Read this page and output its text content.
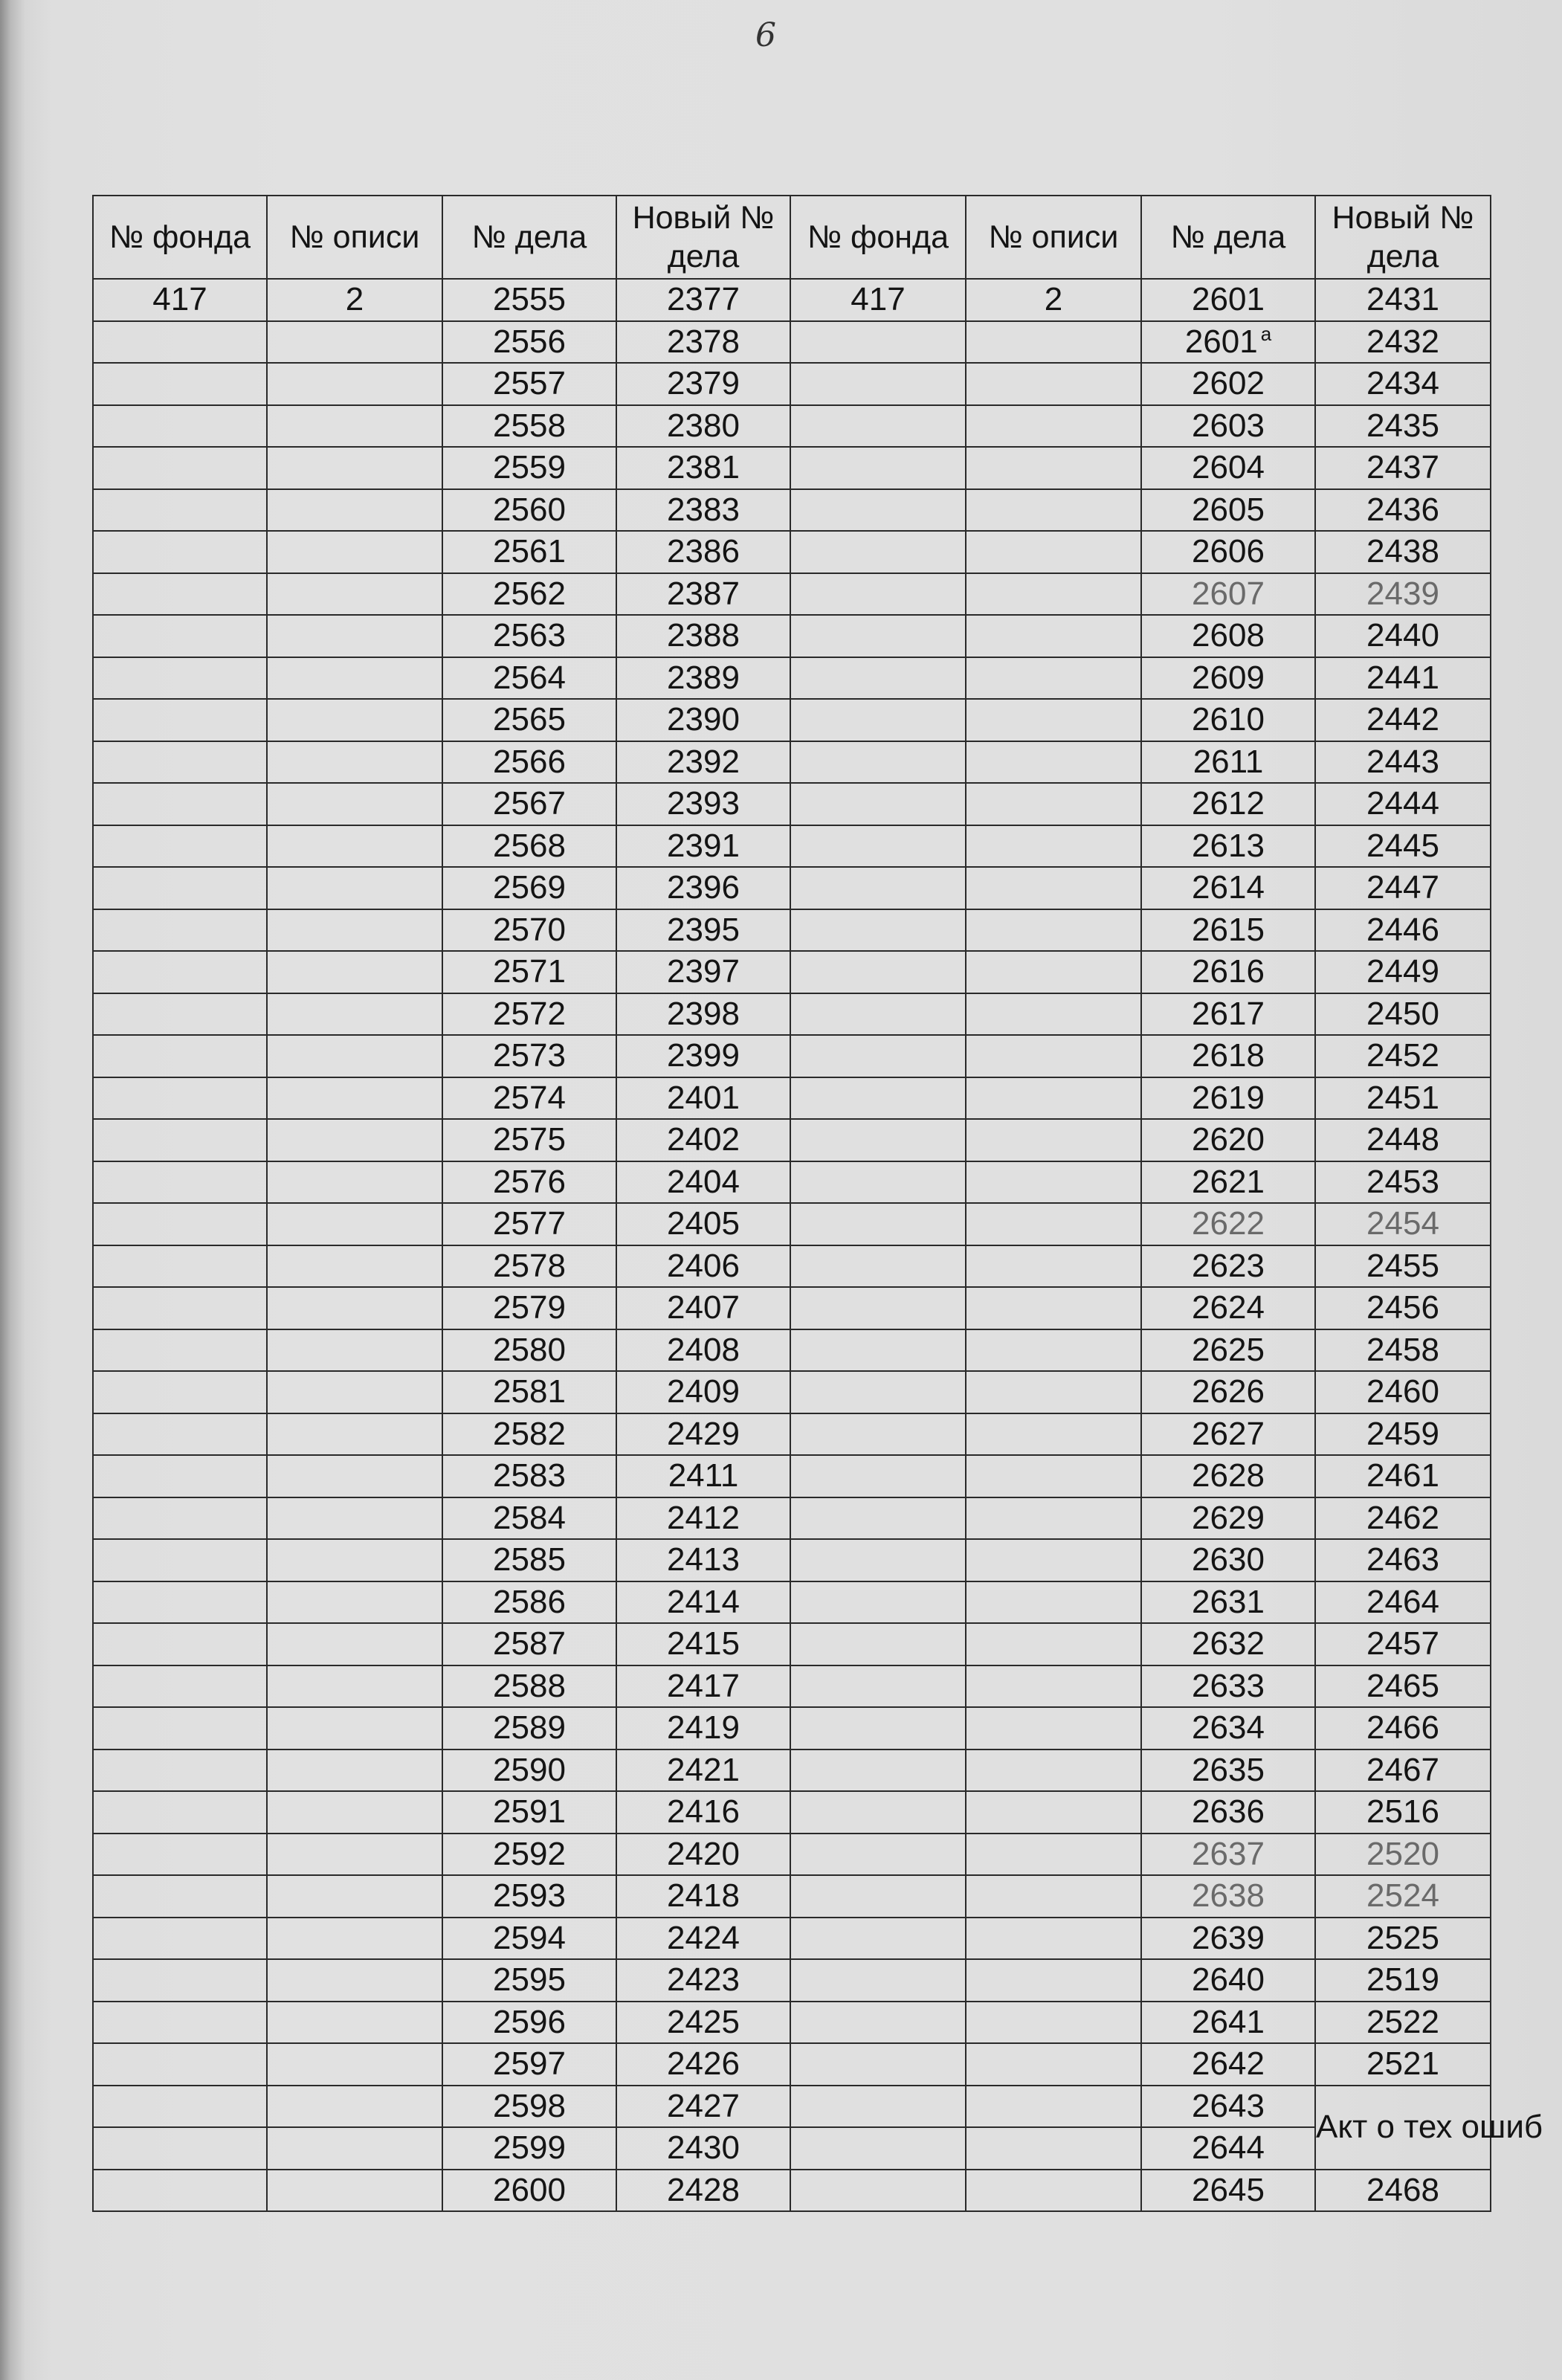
6
№ фонда	№ описи	№ дела	Новый № дела	№ фонда	№ описи	№ дела	Новый № дела
417	2	2555	2377	417	2	2601	2431
		2556	2378			2601 $^а$	2432
		2557	2379			2602	2434
		2558	2380			2603	2435
		2559	2381			2604	2437
		2560	2383			2605	2436
		2561	2386			2606	2438
		2562	2387			2607	2439
		2563	2388			2608	2440
		2564	2389			2609	2441
		2565	2390			2610	2442
		2566	2392			2611	2443
		2567	2393			2612	2444
		2568	2391			2613	2445
		2569	2396			2614	2447
		2570	2395			2615	2446
		2571	2397			2616	2449
		2572	2398			2617	2450
		2573	2399			2618	2452
		2574	2401			2619	2451
		2575	2402			2620	2448
		2576	2404			2621	2453
		2577	2405			2622	2454
		2578	2406			2623	2455
		2579	2407			2624	2456
		2580	2408			2625	2458
		2581	2409			2626	2460
		2582	2429			2627	2459
		2583	2411			2628	2461
		2584	2412			2629	2462
		2585	2413			2630	2463
		2586	2414			2631	2464
		2587	2415			2632	2457
		2588	2417			2633	2465
		2589	2419			2634	2466
		2590	2421			2635	2467
		2591	2416			2636	2516
		2592	2420			2637	2520
		2593	2418			2638	2524
		2594	2424			2639	2525
		2595	2423			2640	2519
		2596	2425			2641	2522
		2597	2426			2642	2521
		2598	2427			2643	Акт о тех ошиб
		2599	2430			2644	
		2600	2428			2645	2468
